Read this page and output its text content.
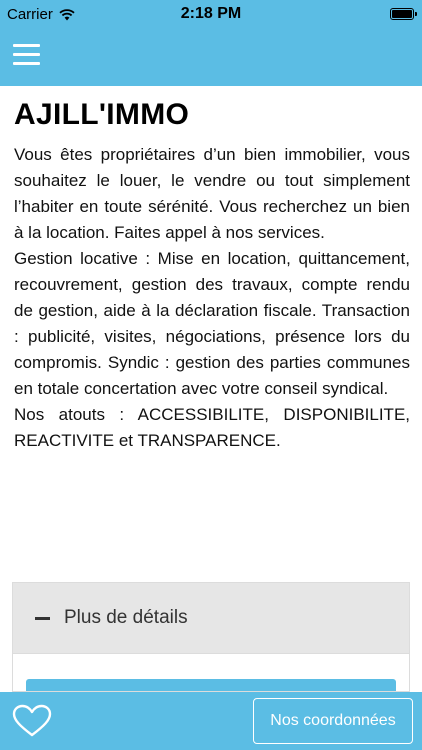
Carrier	2:18 PM
AJILL'IMMO

Vous êtes propriétaires d’un bien immobilier, vous souhaitez le louer, le vendre ou tout simplement l’habiter en toute sérénité. Vous recherchez un bien à la location. Faites appel à nos services.

Gestion locative : Mise en location, quittancement, recouvrement, gestion des travaux, compte rendu de gestion, aide à la déclaration fiscale. Transaction : publicité, visites, négociations, présence lors du compromis. Syndic : gestion des parties communes en totale concertation avec votre conseil syndical.

Nos atouts : ACCESSIBILITE, DISPONIBILITE, REACTIVITE et TRANSPARENCE.

Plus de détails
Nos coordonnées
